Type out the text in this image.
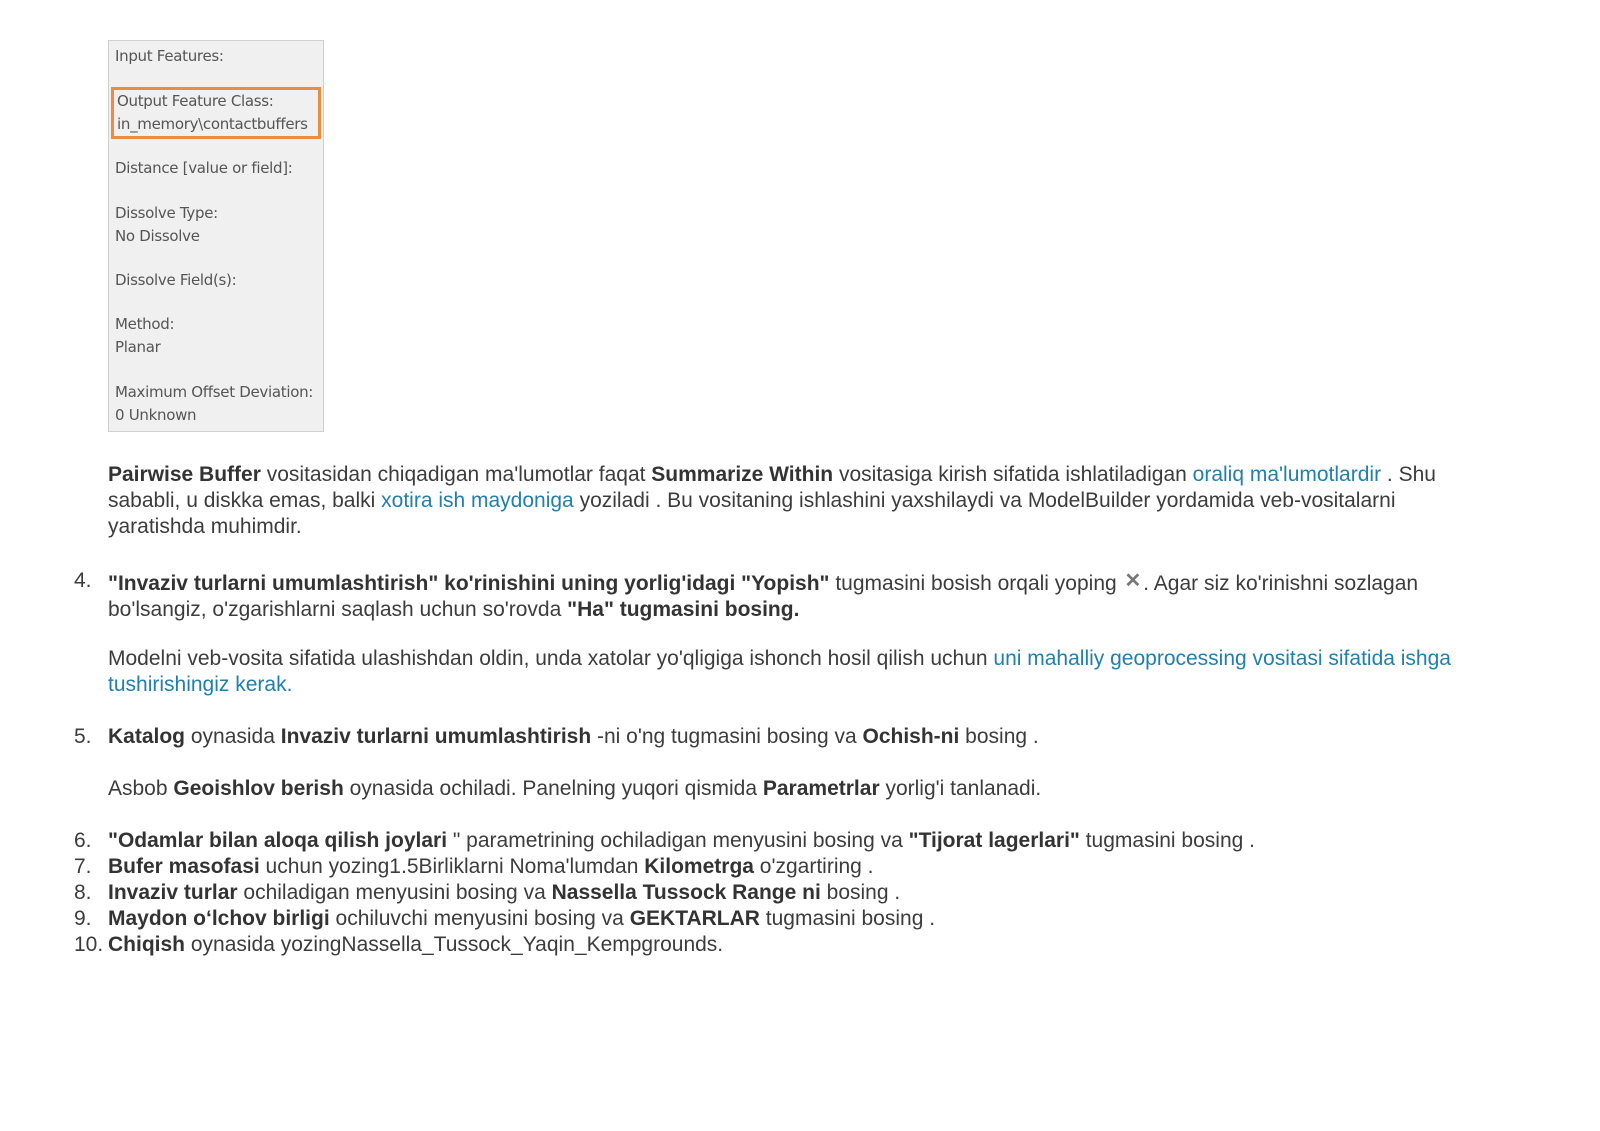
Input Features:
Output Feature Class:
in_memory\contactbuffers
Distance [value or field]:
Dissolve Type:
No Dissolve
Dissolve Field(s):
Method:
Planar
Maximum Offset Deviation:
0 Unknown
Pairwise Buffer vositasidan chiqadigan ma'lumotlar faqat Summarize Within vositasiga kirish sifatida ishlatiladigan oraliq ma'lumotlardir . Shu sababli, u diskka emas, balki xotira ish maydoniga yoziladi . Bu vositaning ishlashini yaxshilaydi va ModelBuilder yordamida veb-vositalarni yaratishda muhimdir.
4. "Invaziv turlarni umumlashtirish" ko'rinishini uning yorlig'idagi "Yopish" tugmasini bosish orqali yoping ✕. Agar siz ko'rinishni sozlagan bo'lsangiz, o'zgarishlarni saqlash uchun so'rovda "Ha" tugmasini bosing.
Modelni veb-vosita sifatida ulashishdan oldin, unda xatolar yo'qligiga ishonch hosil qilish uchun uni mahalliy geoprocessing vositasi sifatida ishga tushirishingiz kerak.
5. Katalog oynasida Invaziv turlarni umumlashtirish -ni o'ng tugmasini bosing va Ochish-ni bosing .
Asbob Geoishlov berish oynasida ochiladi. Panelning yuqori qismida Parametrlar yorlig'i tanlanadi.
6. "Odamlar bilan aloqa qilish joylari " parametrining ochiladigan menyusini bosing va "Tijorat lagerlari" tugmasini bosing .
7. Bufer masofasi uchun yozing1.5Birliklarni Noma'lumdan Kilometrga o'zgartiring .
8. Invaziv turlar ochiladigan menyusini bosing va Nassella Tussock Range ni bosing .
9. Maydon o‘lchov birligi ochiluvchi menyusini bosing va GEKTARLAR tugmasini bosing .
10. Chiqish oynasida yozingNassella_Tussock_Yaqin_Kempgrounds.
